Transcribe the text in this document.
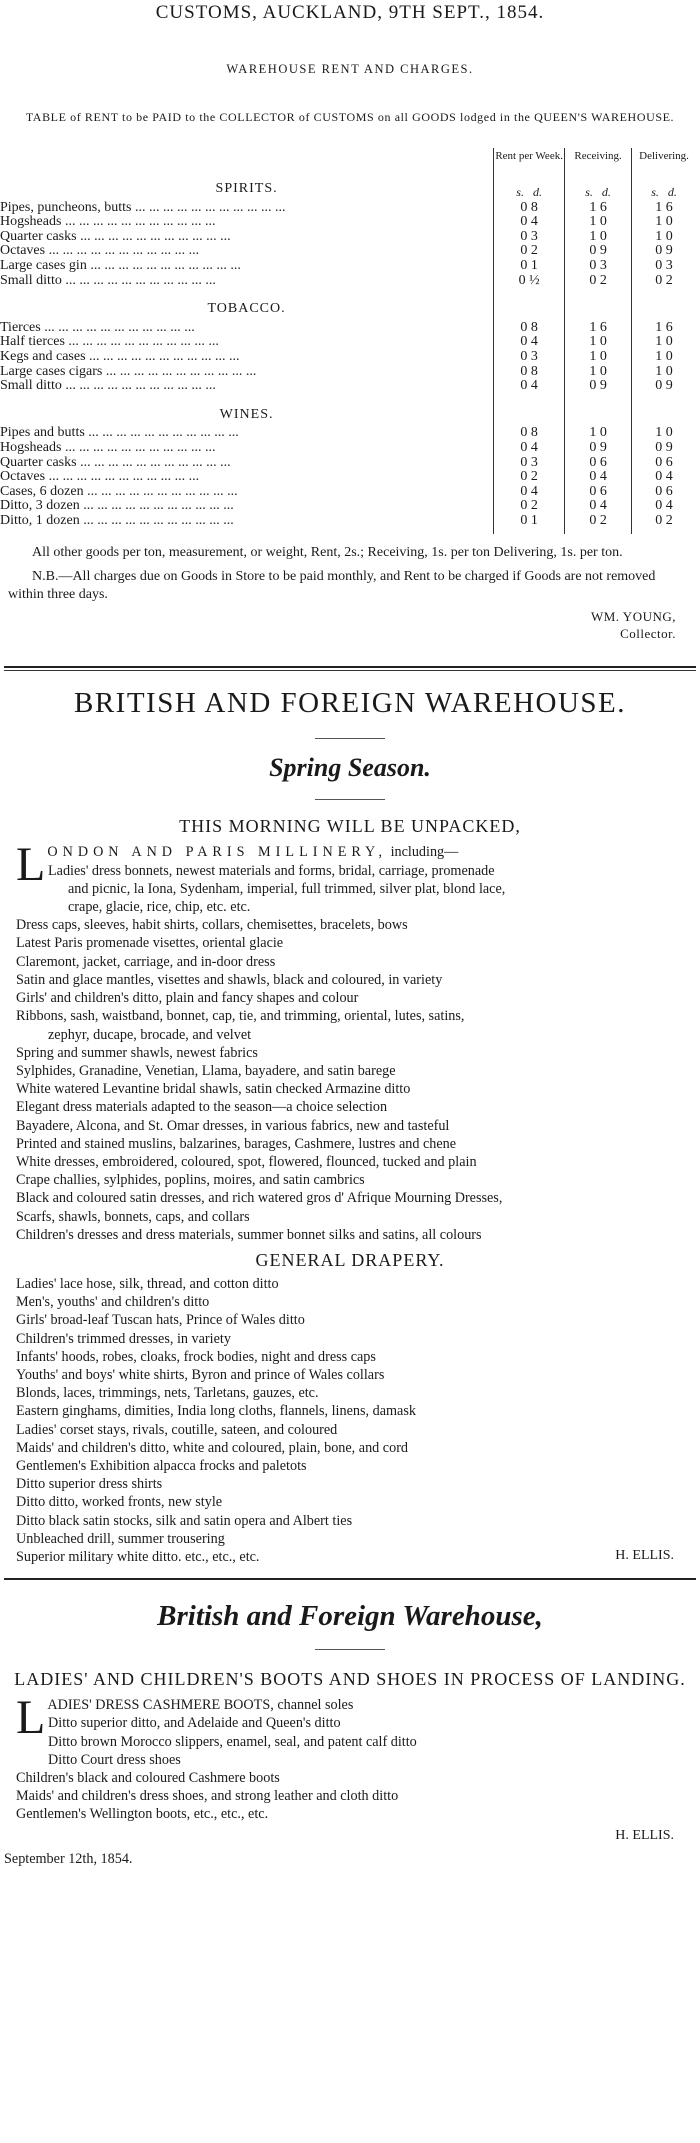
CUSTOMS, AUCKLAND, 9TH SEPT., 1854.
WAREHOUSE RENT AND CHARGES.
TABLE of RENT to be PAID to the COLLECTOR of CUSTOMS on all GOODS lodged in the QUEEN'S WAREHOUSE.
	Rent per Week.	Receiving.	Delivering.
SPIRITS.	s. d.	s. d.	s. d.
Pipes, puncheons, butts ... ... ... ... ... ... ... ... ... ... ...	0 8	1 6	1 6
Hogsheads ... ... ... ... ... ... ... ... ... ... ...	0 4	1 0	1 0
Quarter casks ... ... ... ... ... ... ... ... ... ... ...	0 3	1 0	1 0
Octaves ... ... ... ... ... ... ... ... ... ... ...	0 2	0 9	0 9
Large cases gin ... ... ... ... ... ... ... ... ... ... ...	0 1	0 3	0 3
Small ditto ... ... ... ... ... ... ... ... ... ... ...	0 ½	0 2	0 2
TOBACCO.			
Tierces ... ... ... ... ... ... ... ... ... ... ...	0 8	1 6	1 6
Half tierces ... ... ... ... ... ... ... ... ... ... ...	0 4	1 0	1 0
Kegs and cases ... ... ... ... ... ... ... ... ... ... ...	0 3	1 0	1 0
Large cases cigars ... ... ... ... ... ... ... ... ... ... ...	0 8	1 0	1 0
Small ditto ... ... ... ... ... ... ... ... ... ... ...	0 4	0 9	0 9
WINES.			
Pipes and butts ... ... ... ... ... ... ... ... ... ... ...	0 8	1 0	1 0
Hogsheads ... ... ... ... ... ... ... ... ... ... ...	0 4	0 9	0 9
Quarter casks ... ... ... ... ... ... ... ... ... ... ...	0 3	0 6	0 6
Octaves ... ... ... ... ... ... ... ... ... ... ...	0 2	0 4	0 4
Cases, 6 dozen ... ... ... ... ... ... ... ... ... ... ...	0 4	0 6	0 6
Ditto, 3 dozen ... ... ... ... ... ... ... ... ... ... ...	0 2	0 4	0 4
Ditto, 1 dozen ... ... ... ... ... ... ... ... ... ... ...	0 1	0 2	0 2

All other goods per ton, measurement, or weight, Rent, 2s.; Receiving, 1s. per ton Delivering, 1s. per ton.
N.B.—All charges due on Goods in Store to be paid monthly, and Rent to be charged if Goods are not removed within three days.
WM. YOUNG,
Collector.
BRITISH AND FOREIGN WAREHOUSE.
Spring Season.
THIS MORNING WILL BE UNPACKED,
L ONDON AND PARIS MILLINERY, including—
Ladies' dress bonnets, newest materials and forms, bridal, carriage, promenade
and picnic, la Iona, Sydenham, imperial, full trimmed, silver plat, blond lace,
crape, glacie, rice, chip, etc. etc.
Dress caps, sleeves, habit shirts, collars, chemisettes, bracelets, bows
Latest Paris promenade visettes, oriental glacie
Claremont, jacket, carriage, and in-door dress
Satin and glace mantles, visettes and shawls, black and coloured, in variety
Girls' and children's ditto, plain and fancy shapes and colour
Ribbons, sash, waistband, bonnet, cap, tie, and trimming, oriental, lutes, satins,
zephyr, ducape, brocade, and velvet
Spring and summer shawls, newest fabrics
Sylphides, Granadine, Venetian, Llama, bayadere, and satin barege
White watered Levantine bridal shawls, satin checked Armazine ditto
Elegant dress materials adapted to the season—a choice selection
Bayadere, Alcona, and St. Omar dresses, in various fabrics, new and tasteful
Printed and stained muslins, balzarines, barages, Cashmere, lustres and chene
White dresses, embroidered, coloured, spot, flowered, flounced, tucked and plain
Crape challies, sylphides, poplins, moires, and satin cambrics
Black and coloured satin dresses, and rich watered gros d' Afrique Mourning Dresses,
Scarfs, shawls, bonnets, caps, and collars
Children's dresses and dress materials, summer bonnet silks and satins, all colours
GENERAL DRAPERY.
Ladies' lace hose, silk, thread, and cotton ditto
Men's, youths' and children's ditto
Girls' broad-leaf Tuscan hats, Prince of Wales ditto
Children's trimmed dresses, in variety
Infants' hoods, robes, cloaks, frock bodies, night and dress caps
Youths' and boys' white shirts, Byron and prince of Wales collars
Blonds, laces, trimmings, nets, Tarletans, gauzes, etc.
Eastern ginghams, dimities, India long cloths, flannels, linens, damask
Ladies' corset stays, rivals, coutille, sateen, and coloured
Maids' and children's ditto, white and coloured, plain, bone, and cord
Gentlemen's Exhibition alpacca frocks and paletots
Ditto superior dress shirts
Ditto ditto, worked fronts, new style
Ditto black satin stocks, silk and satin opera and Albert ties
Unbleached drill, summer trousering
Superior military white ditto. etc., etc., etc.	H. ELLIS.
British and Foreign Warehouse,
LADIES' AND CHILDREN'S BOOTS AND SHOES IN PROCESS OF LANDING.
L ADIES' DRESS CASHMERE BOOTS, channel soles
Ditto superior ditto, and Adelaide and Queen's ditto
Ditto brown Morocco slippers, enamel, seal, and patent calf ditto
Ditto Court dress shoes
Children's black and coloured Cashmere boots
Maids' and children's dress shoes, and strong leather and cloth ditto
Gentlemen's Wellington boots, etc., etc., etc.
H. ELLIS.
September 12th, 1854.
